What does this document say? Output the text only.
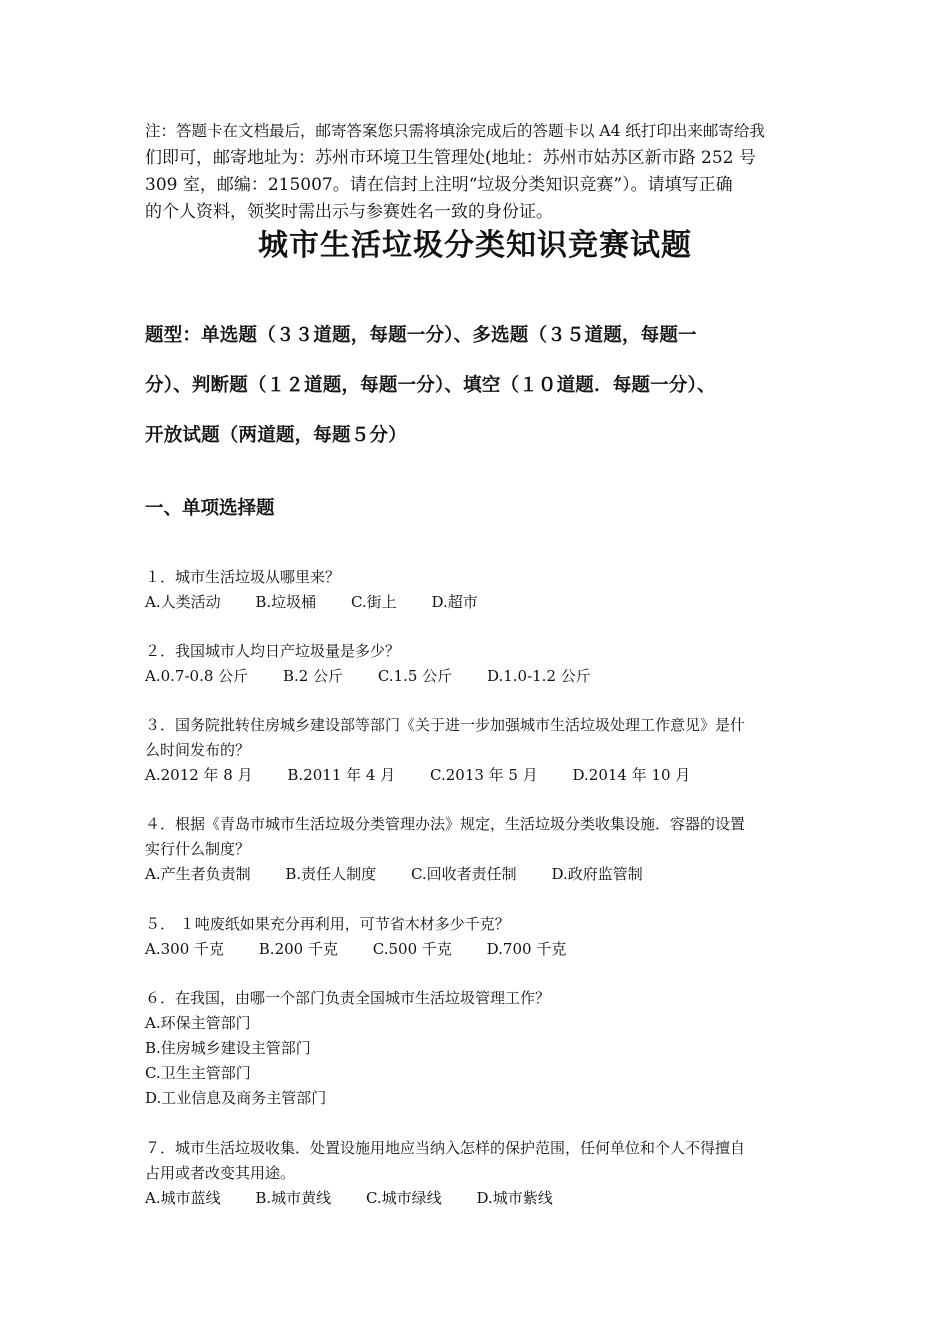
注：答题卡在文档最后，邮寄答案您只需将填涂完成后的答题卡以 A4 纸打印出来邮寄给我
们即可，邮寄地址为：苏州市环境卫生管理处(地址：苏州市姑苏区新市路 252 号
309 室，邮编：215007。请在信封上注明“垃圾分类知识竞赛”）。请填写正确
的个人资料，领奖时需出示与参赛姓名一致的身份证。
城市生活垃圾分类知识竞赛试题
题型：单选题（３３道题，每题一分）、多选题（３５道题，每题一
分）、判断题（１２道题，每题一分）、填空（１０道题．每题一分）、
开放试题（两道题，每题５分）
一、单项选择题
１．城市生活垃圾从哪里来？
A.人类活动 B.垃圾桶 C.街上 D.超市
２．我国城市人均日产垃圾量是多少？
A.0.7-0.8 公斤 B.2 公斤 C.1.5 公斤 D.1.0-1.2 公斤
３．国务院批转住房城乡建设部等部门《关于进一步加强城市生活垃圾处理工作意见》是什
么时间发布的？
A.2012 年 8 月 B.2011 年 4 月 C.2013 年 5 月 D.2014 年 10 月
４．根据《青岛市城市生活垃圾分类管理办法》规定，生活垃圾分类收集设施．容器的设置
实行什么制度？
A.产生者负责制 B.责任人制度 C.回收者责任制 D.政府监管制
５． １吨废纸如果充分再利用，可节省木材多少千克？
A.300 千克 B.200 千克 C.500 千克 D.700 千克
６．在我国，由哪一个部门负责全国城市生活垃圾管理工作？
A.环保主管部门
B.住房城乡建设主管部门
C.卫生主管部门
D.工业信息及商务主管部门
７．城市生活垃圾收集．处置设施用地应当纳入怎样的保护范围，任何单位和个人不得擅自
占用或者改变其用途。
A.城市蓝线 B.城市黄线 C.城市绿线 D.城市紫线
